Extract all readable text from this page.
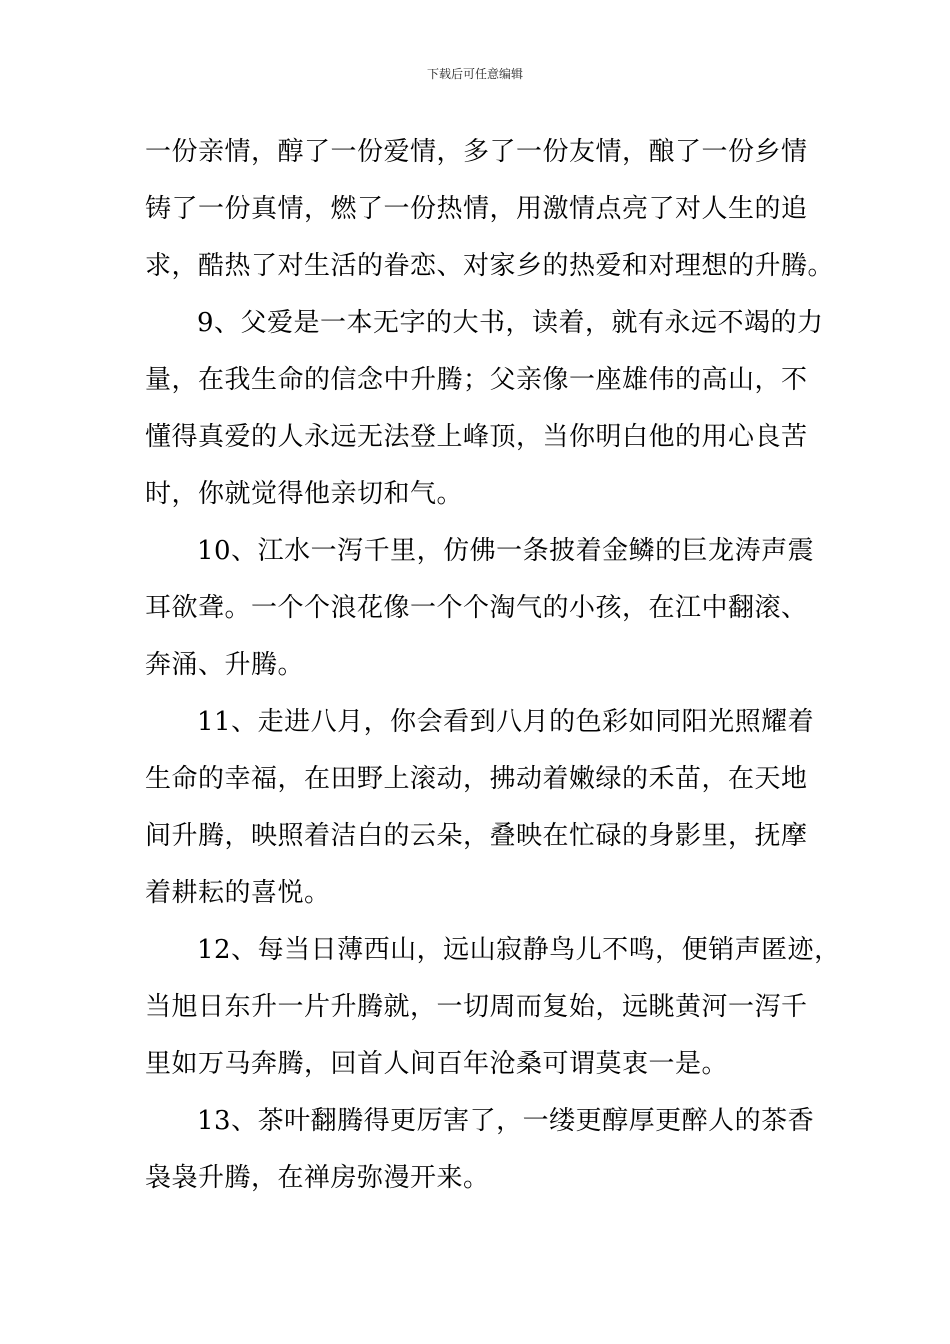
下载后可任意编辑
一份亲情，醇了一份爱情，多了一份友情，酿了一份乡情
铸了一份真情，燃了一份热情，用激情点亮了对人生的追
求，酷热了对生活的眷恋、对家乡的热爱和对理想的升腾。
9、父爱是一本无字的大书，读着，就有永远不竭的力
量，在我生命的信念中升腾；父亲像一座雄伟的高山，不
懂得真爱的人永远无法登上峰顶，当你明白他的用心良苦
时，你就觉得他亲切和气。
10、江水一泻千里，仿佛一条披着金鳞的巨龙涛声震
耳欲聋。一个个浪花像一个个淘气的小孩，在江中翻滚、
奔涌、升腾。
11、走进八月，你会看到八月的色彩如同阳光照耀着
生命的幸福，在田野上滚动，拂动着嫩绿的禾苗，在天地
间升腾，映照着洁白的云朵，叠映在忙碌的身影里，抚摩
着耕耘的喜悦。
12、每当日薄西山，远山寂静鸟儿不鸣，便销声匿迹，
当旭日东升一片升腾就，一切周而复始，远眺黄河一泻千
里如万马奔腾，回首人间百年沧桑可谓莫衷一是。
13、茶叶翻腾得更厉害了，一缕更醇厚更醉人的茶香
袅袅升腾，在禅房弥漫开来。
